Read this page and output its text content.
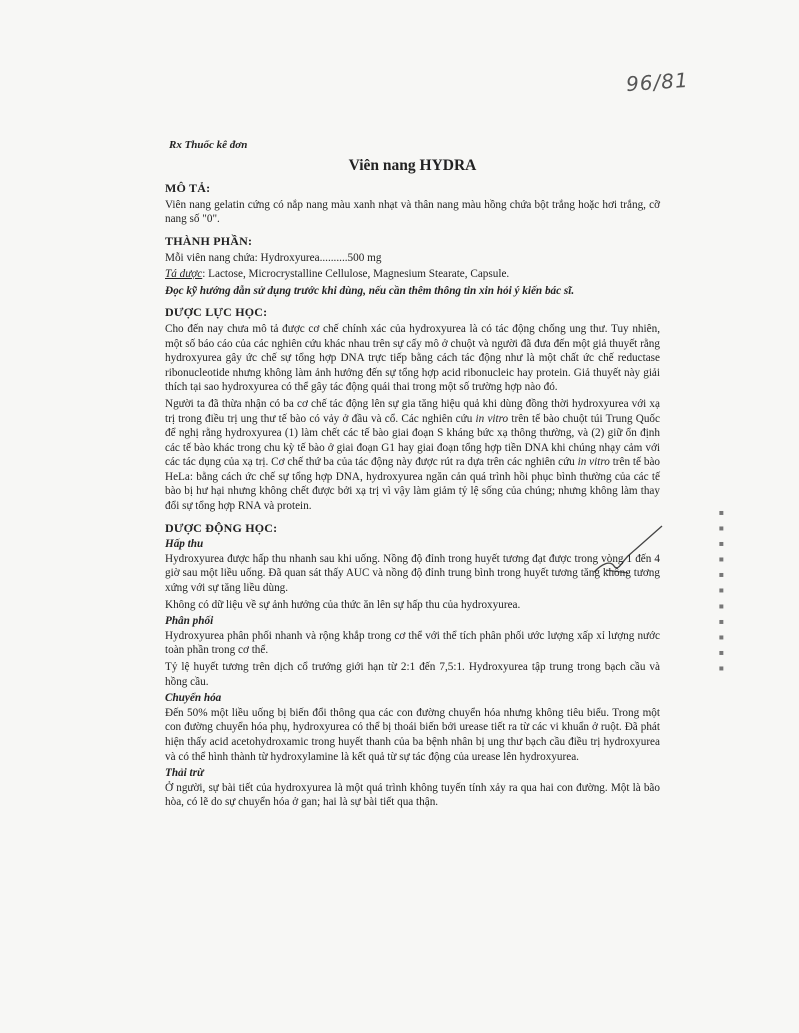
96/81
▪ ▪ ▪ ▪ ▪ ▪ ▪ ▪ ▪ ▪ ▪
Rx Thuốc kê đơn
Viên nang HYDRA
MÔ TẢ:

Viên nang gelatin cứng có nắp nang màu xanh nhạt và thân nang màu hồng chứa bột trắng hoặc hơi trắng, cỡ nang số "0".

THÀNH PHẦN:

Mỗi viên nang chứa: Hydroxyurea..........500 mg

Tá dược: Lactose, Microcrystalline Cellulose, Magnesium Stearate, Capsule.

Đọc kỹ hướng dẫn sử dụng trước khi dùng, nếu cần thêm thông tin xin hỏi ý kiến bác sĩ.

DƯỢC LỰC HỌC:

Cho đến nay chưa mô tả được cơ chế chính xác của hydroxyurea là có tác động chống ung thư. Tuy nhiên, một số báo cáo của các nghiên cứu khác nhau trên sự cấy mô ở chuột và người đã đưa đến một giả thuyết rằng hydroxyurea gây ức chế sự tổng hợp DNA trực tiếp bằng cách tác động như là một chất ức chế reductase ribonucleotide nhưng không làm ảnh hưởng đến sự tổng hợp acid ribonucleic hay protein. Giả thuyết này giải thích tại sao hydroxyurea có thể gây tác động quái thai trong một số trường hợp nào đó.

Người ta đã thừa nhận có ba cơ chế tác động lên sự gia tăng hiệu quả khi dùng đồng thời hydroxyurea với xạ trị trong điều trị ung thư tế bào có vảy ở đầu và cổ. Các nghiên cứu in vitro trên tế bào chuột túi Trung Quốc để nghị rằng hydroxyurea (1) làm chết các tế bào giai đoạn S kháng bức xạ thông thường, và (2) giữ ổn định các tế bào khác trong chu kỳ tế bào ở giai đoạn G1 hay giai đoạn tổng hợp tiền DNA khi chúng nhạy cảm với các tác dụng của xạ trị. Cơ chế thứ ba của tác động này được rút ra dựa trên các nghiên cứu in vitro trên tế bào HeLa: bằng cách ức chế sự tổng hợp DNA, hydroxyurea ngăn cản quá trình hồi phục bình thường của các tế bào bị hư hại nhưng không chết được bởi xạ trị vì vậy làm giảm tỷ lệ sống của chúng; nhưng không làm thay đổi sự tổng hợp RNA và protein.

DƯỢC ĐỘNG HỌC:
Hấp thu

Hydroxyurea được hấp thu nhanh sau khi uống. Nồng độ đỉnh trong huyết tương đạt được trong vòng 1 đến 4 giờ sau một liều uống. Đã quan sát thấy AUC và nồng độ đỉnh trung bình trong huyết tương tăng không tương xứng với sự tăng liều dùng.

Không có dữ liệu về sự ảnh hưởng của thức ăn lên sự hấp thu của hydroxyurea.

Phân phối

Hydroxyurea phân phối nhanh và rộng khắp trong cơ thể với thể tích phân phối ước lượng xấp xỉ lượng nước toàn phần trong cơ thể.

Tỷ lệ huyết tương trên dịch cổ trướng giới hạn từ 2:1 đến 7,5:1. Hydroxyurea tập trung trong bạch cầu và hồng cầu.

Chuyển hóa

Đến 50% một liều uống bị biến đổi thông qua các con đường chuyển hóa nhưng không tiêu biểu. Trong một con đường chuyển hóa phụ, hydroxyurea có thể bị thoái biến bởi urease tiết ra từ các vi khuẩn ở ruột. Đã phát hiện thấy acid acetohydroxamic trong huyết thanh của ba bệnh nhân bị ung thư bạch cầu điều trị hydroxyurea và có thể hình thành từ hydroxylamine là kết quả từ sự tác động của urease lên hydroxyurea.

Thải trừ

Ở người, sự bài tiết của hydroxyurea là một quá trình không tuyến tính xảy ra qua hai con đường. Một là bão hòa, có lẽ do sự chuyển hóa ở gan; hai là sự bài tiết qua thận.
